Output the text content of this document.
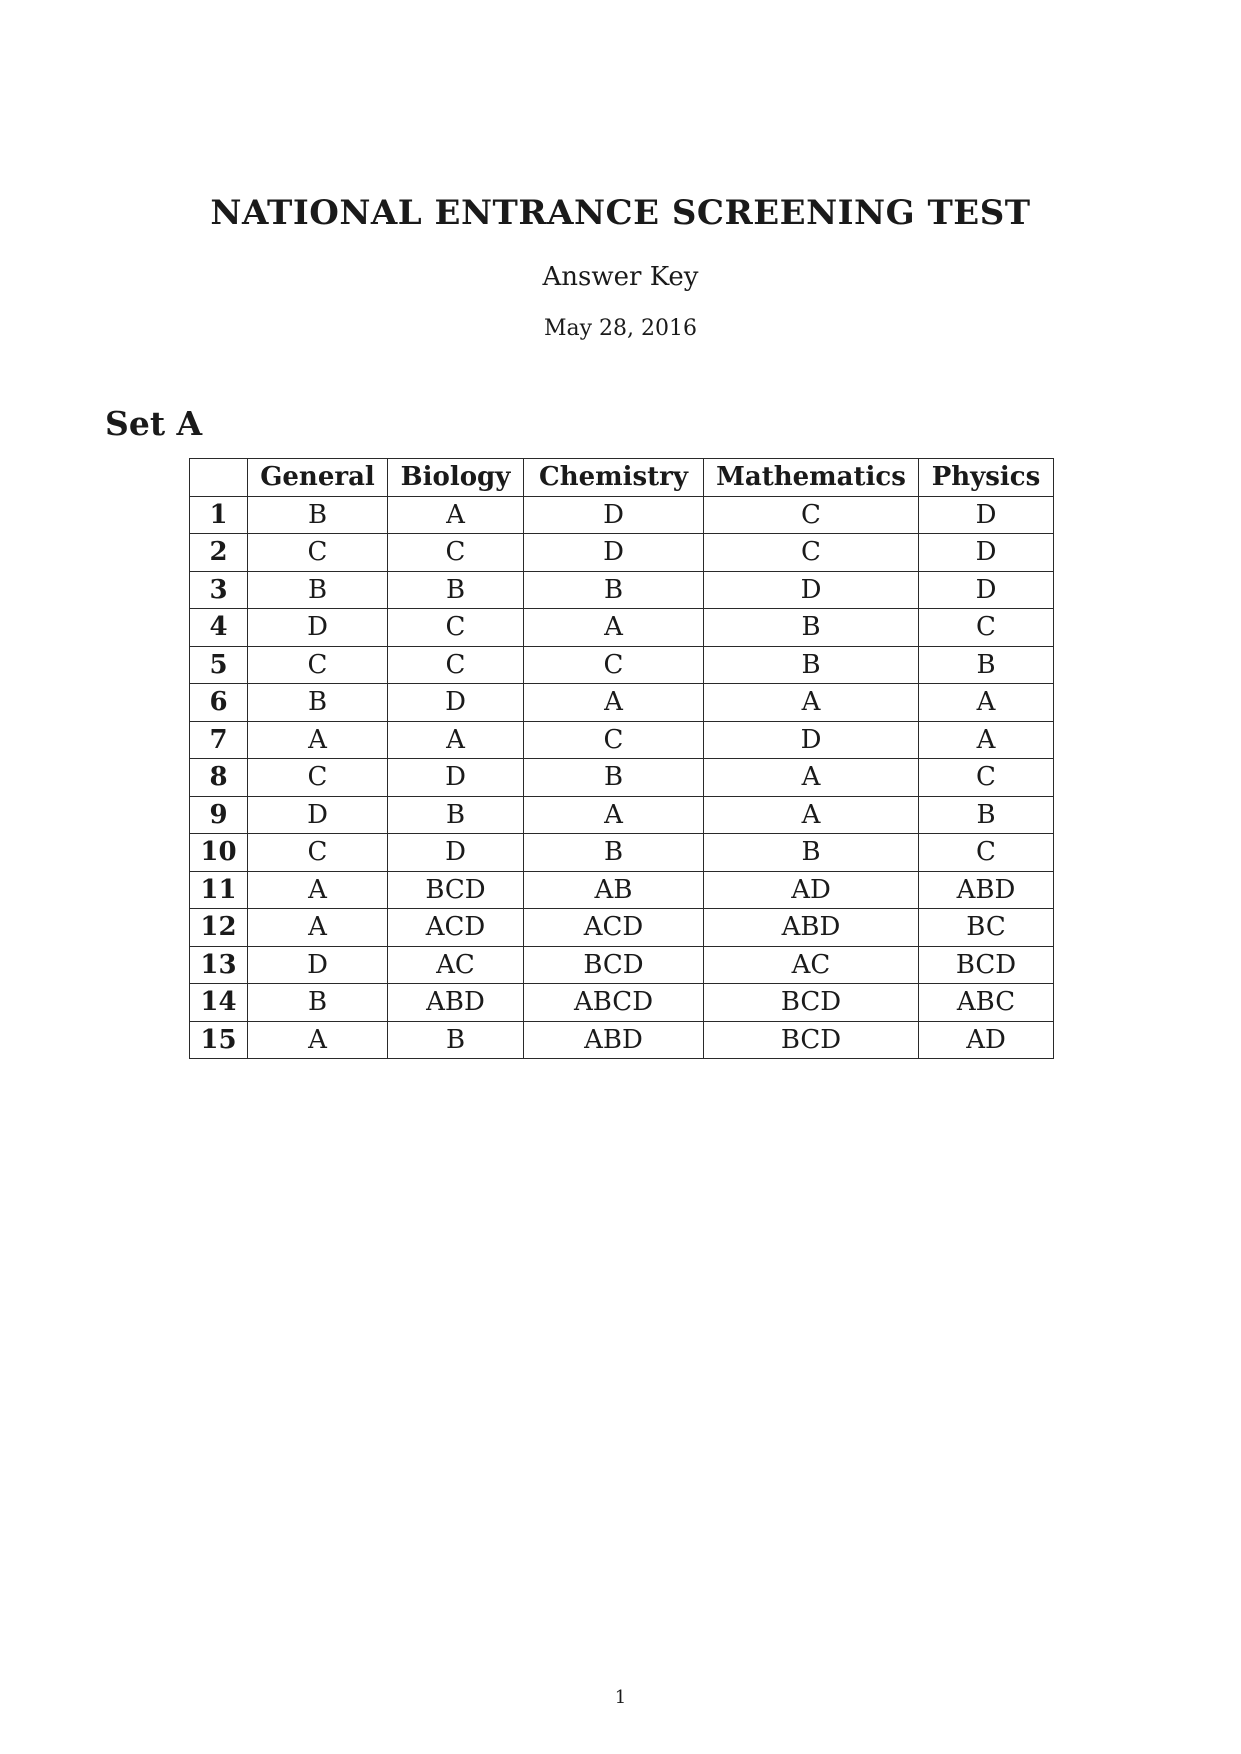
NATIONAL ENTRANCE SCREENING TEST
Answer Key
May 28, 2016
Set A
	General	Biology	Chemistry	Mathematics	Physics
1	B	A	D	C	D
2	C	C	D	C	D
3	B	B	B	D	D
4	D	C	A	B	C
5	C	C	C	B	B
6	B	D	A	A	A
7	A	A	C	D	A
8	C	D	B	A	C
9	D	B	A	A	B
10	C	D	B	B	C
11	A	BCD	AB	AD	ABD
12	A	ACD	ACD	ABD	BC
13	D	AC	BCD	AC	BCD
14	B	ABD	ABCD	BCD	ABC
15	A	B	ABD	BCD	AD
1
